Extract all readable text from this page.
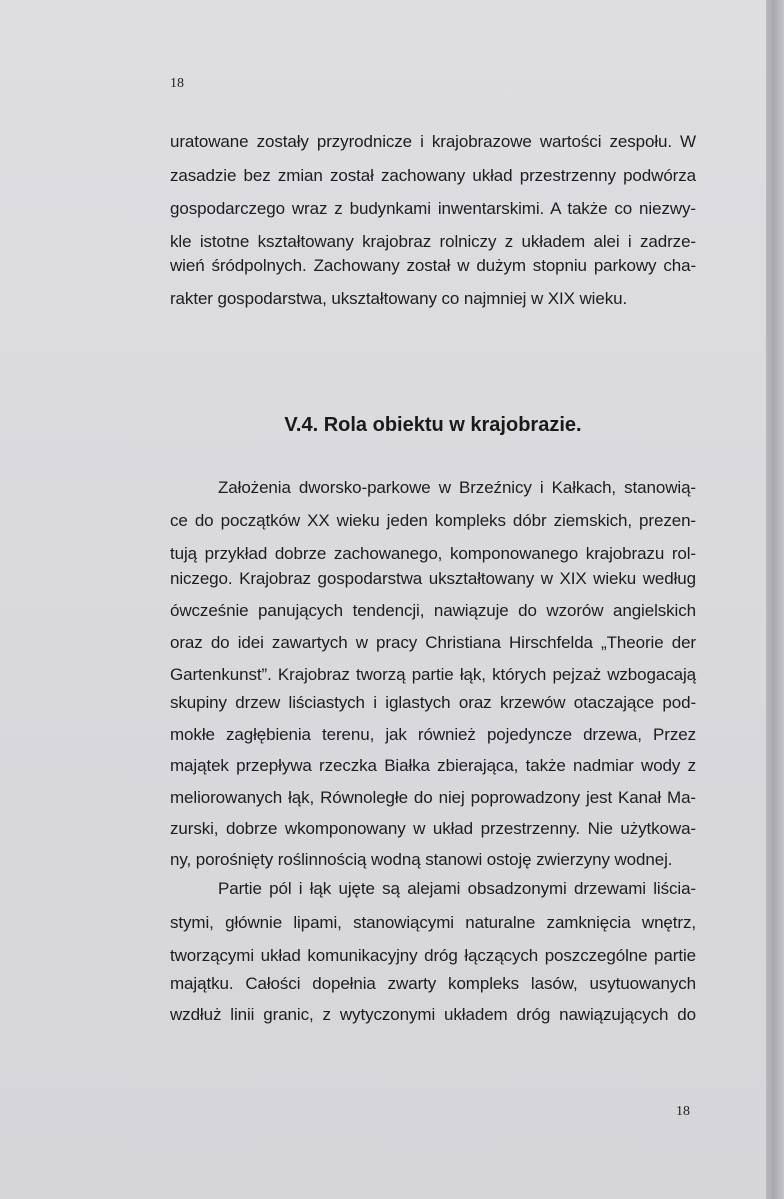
18
uratowane zostały przyrodnicze i krajobrazowe wartości zespołu. W
zasadzie bez zmian został zachowany układ przestrzenny podwórza
gospodarczego wraz z budynkami inwentarskimi. A także co niezwy-
kle istotne kształtowany krajobraz rolniczy z układem alei i zadrze-
wień śródpolnych. Zachowany został w dużym stopniu parkowy cha-
rakter gospodarstwa, ukształtowany co najmniej w XIX wieku.
V.4. Rola obiektu w krajobrazie.
Założenia dworsko-parkowe w Brzeźnicy i Kałkach, stanowią-
ce do początków XX wieku jeden kompleks dóbr ziemskich, prezen-
tują przykład dobrze zachowanego, komponowanego krajobrazu rol-
niczego. Krajobraz gospodarstwa ukształtowany w XIX wieku według
ówcześnie panujących tendencji, nawiązuje do wzorów angielskich
oraz do idei zawartych w pracy Christiana Hirschfelda „Theorie der
Gartenkunst”. Krajobraz tworzą partie łąk, których pejzaż wzbogacają
skupiny drzew liściastych i iglastych oraz krzewów otaczające pod-
mokłe zagłębienia terenu, jak również pojedyncze drzewa, Przez
majątek przepływa rzeczka Białka zbierająca, także nadmiar wody z
meliorowanych łąk, Równoległe do niej poprowadzony jest Kanał Ma-
zurski, dobrze wkomponowany w układ przestrzenny. Nie użytkowa-
ny, porośnięty roślinnością wodną stanowi ostoję zwierzyny wodnej.
Partie pól i łąk ujęte są alejami obsadzonymi drzewami liścia-
stymi, głównie lipami, stanowiącymi naturalne zamknięcia wnętrz,
tworzącymi układ komunikacyjny dróg łączących poszczególne partie
majątku. Całości dopełnia zwarty kompleks lasów, usytuowanych
wzdłuż linii granic, z wytyczonymi układem dróg nawiązujących do
18
